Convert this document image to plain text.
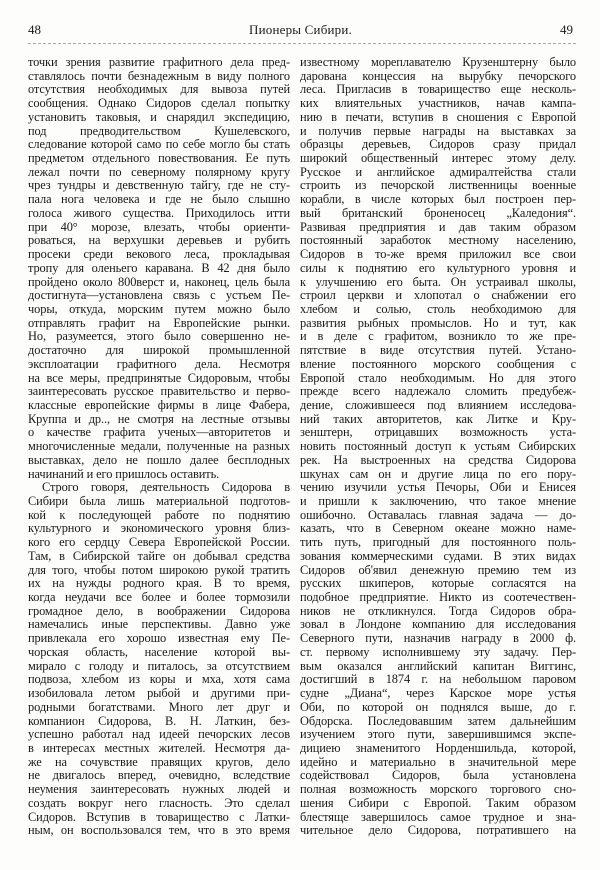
48	Пионеры Сибири.	49
точки зрения развитие графитного дела пред-
ставлялось почти безнадежным в виду полного
отсутствия необходимых для вывоза путей
сообщения. Однако Сидоров сделал попытку
установить таковыя, и снарядил экспедицию,
под предводительством Кушелевского,
следование которой само по себе могло бы стать
предметом отдельного повествования. Ее путь
лежал почти по северному полярному кругу
чрез тундры и девственную тайгу, где не сту-
пала нога человека и где не было слышно
голоса живого существа. Приходилось итти
при 40° морозе, влезать, чтобы ориенти-
роваться, на верхушки деревьев и рубить
просеки среди векового леса, прокладывая
тропу для оленьего каравана. В 42 дня было
пройдено около 800верст и, наконец, цель была
достигнута—установлена связь с устьем Пе-
чоры, откуда, морским путем можно было
отправлять графит на Европейские рынки.
Но, разумеется, этого было совершенно не-
достаточно для широкой промышленной
эксплоатации графитного дела. Несмотря
на все меры, предпринятые Сидоровым, чтобы
заинтересовать русское правительство и перво-
классные европейские фирмы в лице Фабера,
Круппа и др.., не смотря на лестные отзывы
о качестве графита ученых—авторитетов и
многочисленные медали, полученные на разных
выставках, дело не пошло далее бесплодных
начинаний и его пришлось оставить.
Строго говоря, деятельность Сидорова в
Сибири была лишь материальной подготов-
кой к последующей работе по поднятию
культурного и экономического уровня близ-
кого его сердцу Севера Европейской России.
Там, в Сибирской тайге он добывал средства
для того, чтобы потом широкою рукой тратить
их на нужды родного края. В то время,
когда неудачи все более и более тормозили
громадное дело, в воображении Сидорова
намечались иные перспективы. Давно уже
привлекала его хорошо известная ему Пе-
чорская область, население которой вы-
мирало с голоду и питалось, за отсутствием
подвоза, хлебом из коры и мха, хотя сама
изобиловала летом рыбой и другими при-
родными богатствами. Много лет друг и
компанион Сидорова, В. Н. Латкин, без-
успешно работал над идеей печорских лесов
в интересах местных жителей. Несмотря да-
же на сочувствие правящих кругов, дело
не двигалось вперед, очевидно, вследствие
неумения заинтересовать нужных людей и
создать вокруг него гласность. Это сделал
Сидоров. Вступив в товарищество с Латки-
ным, он воспользовался тем, что в это время
известному мореплавателю Крузенштерну было
дарована концессия на вырубку печорского
леса. Пригласив в товарищество еще несколь-
ких влиятельных участников, начав кампа-
нию в печати, вступив в сношения с Европой
и получив первые награды на выставках за
образцы деревьев, Сидоров сразу придал
широкий общественный интерес этому делу.
Русское и английское адмиралтейства стали
строить из печорской лиственницы военные
корабли, в числе которых был построен пер-
вый британский броненосец „Каледония“.
Развивая предприятия и дав таким образом
постоянный заработок местному населению,
Сидоров в то-же время приложил все свои
силы к поднятию его культурного уровня и
к улучшению его быта. Он устраивал школы,
строил церкви и хлопотал о снабжении его
хлебом и солью, столь необходимою для
развития рыбных промыслов. Но и тут, как
и в деле с графитом, возникло то же пре-
пятствие в виде отсутствия путей. Устано-
вление постоянного морского сообщения с
Европой стало необходимым. Но для этого
прежде всего надлежало сломить предубеж-
дение, сложившееся под влиянием исследова-
ний таких авторитетов, как Литке и Кру-
зенштерн, отрицавших возможность уста-
новить постоянный доступ к устьям Сибирских
рек. На выстроенных на средства Сидорова
шкунах сам он и другие лица по его пору-
чению изучили устья Печоры, Оби и Енисея
и пришли к заключению, что такое мнение
ошибочно. Оставалась главная задача — до-
казать, что в Северном океане можно наме-
тить путь, пригодный для постоянного поль-
зования коммерческими судами. В этих видах
Сидоров об'явил денежную премию тем из
русских шкиперов, которые согласятся на
подобное предприятие. Никто из соотечествен-
ников не откликнулся. Тогда Сидоров обра-
зовал в Лондоне компанию для исследования
Северного пути, назначив награду в 2000 ф.
ст. первому исполнившему эту задачу. Пер-
вым оказался английский капитан Виггинс,
достигший в 1874 г. на небольшом паровом
судне „Диана“, через Карское море устья
Оби, по которой он поднялся выше, до г.
Обдорска. Последовавшим затем дальнейшим
изучением этого пути, завершившимся экспе-
дициею знаменитого Норденшильда, которой,
идейно и материально в значительной мере
содействовал Сидоров, была установлена
полная возможность морского торгового сно-
шения Сибири с Европой. Таким образом
блестяще завершилось самое трудное и зна-
чительное дело Сидорова, потратившего на
